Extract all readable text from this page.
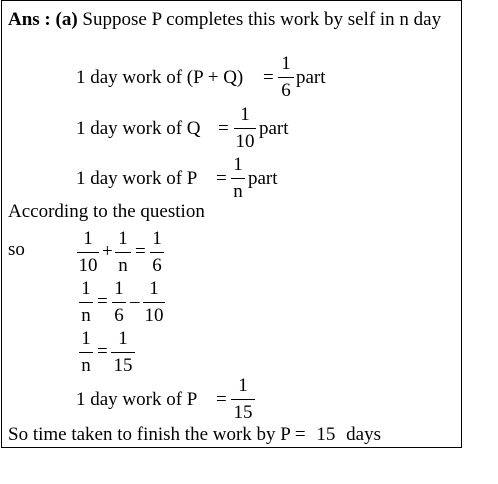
Ans : (a) Suppose P completes this work by self in n day
1 day work of (P + Q) =
1
6
part
1 day work of Q =
1
10
part
1 day work of P =
1
n
part
According to the question
so
1
10
+
1
n
=
1
6
1
n
=
1
6
–
1
10
1
n
=
1
15
1 day work of P =
1
15
So time taken to finish the work by P = 15 days
